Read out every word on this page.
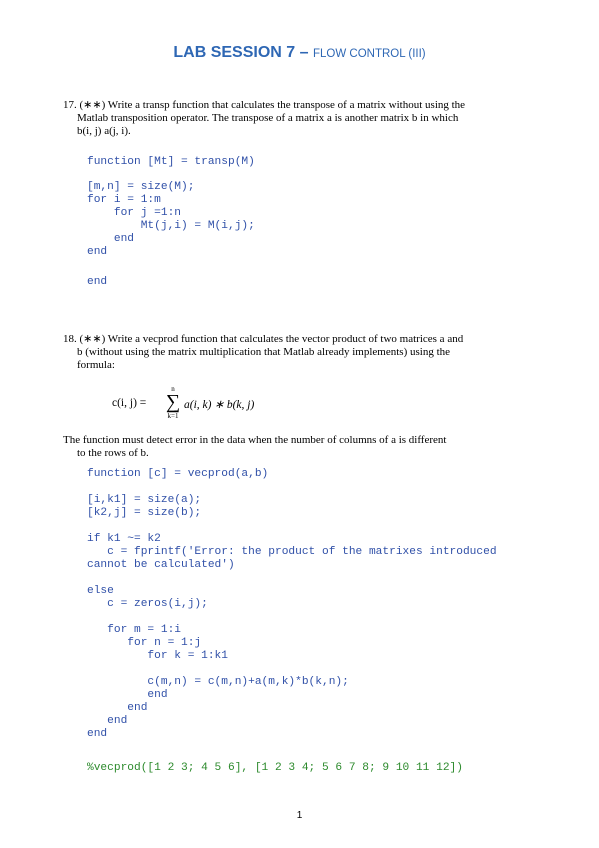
LAB SESSION 7 – FLOW CONTROL (III)

17. (∗∗) Write a transp function that calculates the transpose of a matrix without using the

Matlab transposition operator. The transpose of a matrix a is another matrix b in which

b(i, j) a(j, i).

function [Mt] = transp(M)
[m,n] = size(M);
for i = 1:m
for j =1:n
Mt(j,i) = M(i,j);
end
end
end

18. (∗∗) Write a vecprod function that calculates the vector product of two matrices a and

b (without using the matrix multiplication that Matlab already implements) using the

formula:

c(i, j) =
n
∑
k=1
a(i, k) ∗ b(k, j)

The function must detect error in the data when the number of columns of a is different

to the rows of b.

function [c] = vecprod(a,b)
[i,k1] = size(a);
[k2,j] = size(b);
if k1 ~= k2
c = fprintf('Error: the product of the matrixes introduced
cannot be calculated')

else
c = zeros(i,j);

for m = 1:i
for n = 1:j
for k = 1:k1

c(m,n) = c(m,n)+a(m,k)*b(k,n);
end
end
end
end
%vecprod([1 2 3; 4 5 6], [1 2 3 4; 5 6 7 8; 9 10 11 12])
1
